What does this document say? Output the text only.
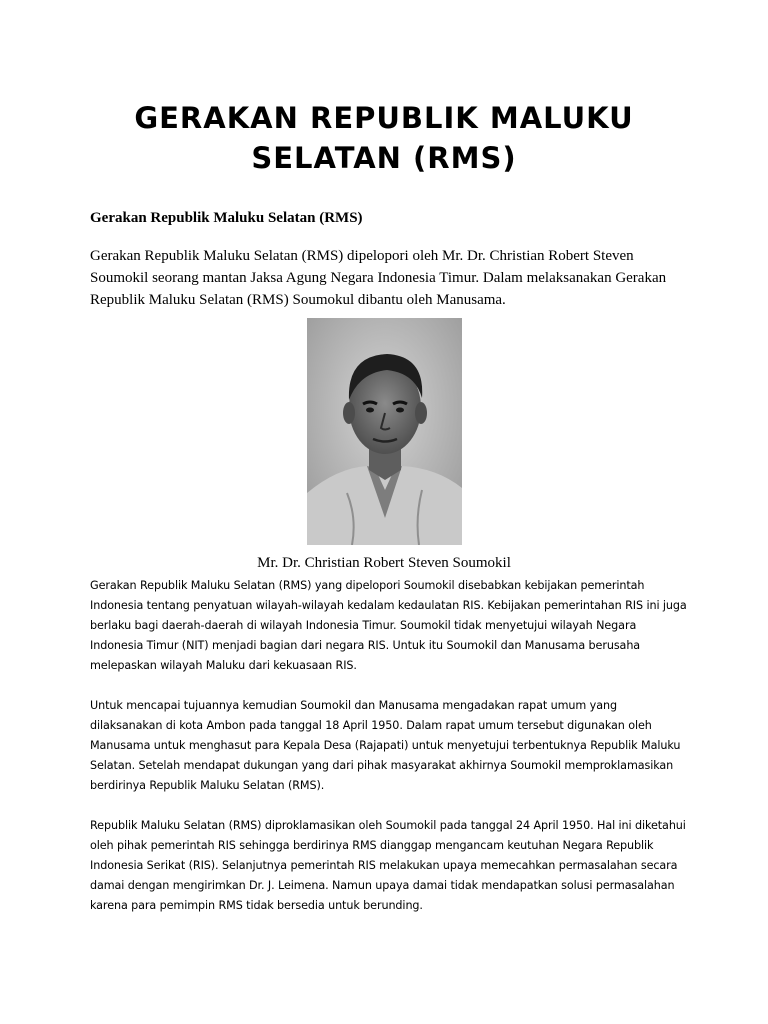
GERAKAN REPUBLIK MALUKU SELATAN (RMS)
Gerakan Republik Maluku Selatan (RMS)

Gerakan Republik Maluku Selatan (RMS) dipelopori oleh Mr. Dr. Christian Robert Steven Soumokil seorang mantan Jaksa Agung Negara Indonesia Timur. Dalam melaksanakan Gerakan Republik Maluku Selatan (RMS) Soumokul dibantu oleh Manusama.

Mr. Dr. Christian Robert Steven Soumokil

Gerakan Republik Maluku Selatan (RMS) yang dipelopori Soumokil disebabkan kebijakan pemerintah Indonesia tentang penyatuan wilayah-wilayah kedalam kedaulatan RIS. Kebijakan pemerintahan RIS ini juga berlaku bagi daerah-daerah di wilayah Indonesia Timur. Soumokil tidak menyetujui wilayah Negara Indonesia Timur (NIT) menjadi bagian dari negara RIS. Untuk itu Soumokil dan Manusama berusaha melepaskan wilayah Maluku dari kekuasaan RIS.

Untuk mencapai tujuannya kemudian Soumokil dan Manusama mengadakan rapat umum yang dilaksanakan di kota Ambon pada tanggal 18 April 1950. Dalam rapat umum tersebut digunakan oleh Manusama untuk menghasut para Kepala Desa (Rajapati) untuk menyetujui terbentuknya Republik Maluku Selatan. Setelah mendapat dukungan yang dari pihak masyarakat akhirnya Soumokil memproklamasikan berdirinya Republik Maluku Selatan (RMS).

Republik Maluku Selatan (RMS) diproklamasikan oleh Soumokil pada tanggal 24 April 1950. Hal ini diketahui oleh pihak pemerintah RIS sehingga berdirinya RMS dianggap mengancam keutuhan Negara Republik Indonesia Serikat (RIS). Selanjutnya pemerintah RIS melakukan upaya memecahkan permasalahan secara damai dengan mengirimkan Dr. J. Leimena. Namun upaya damai tidak mendapatkan solusi permasalahan karena para pemimpin RMS tidak bersedia untuk berunding.
